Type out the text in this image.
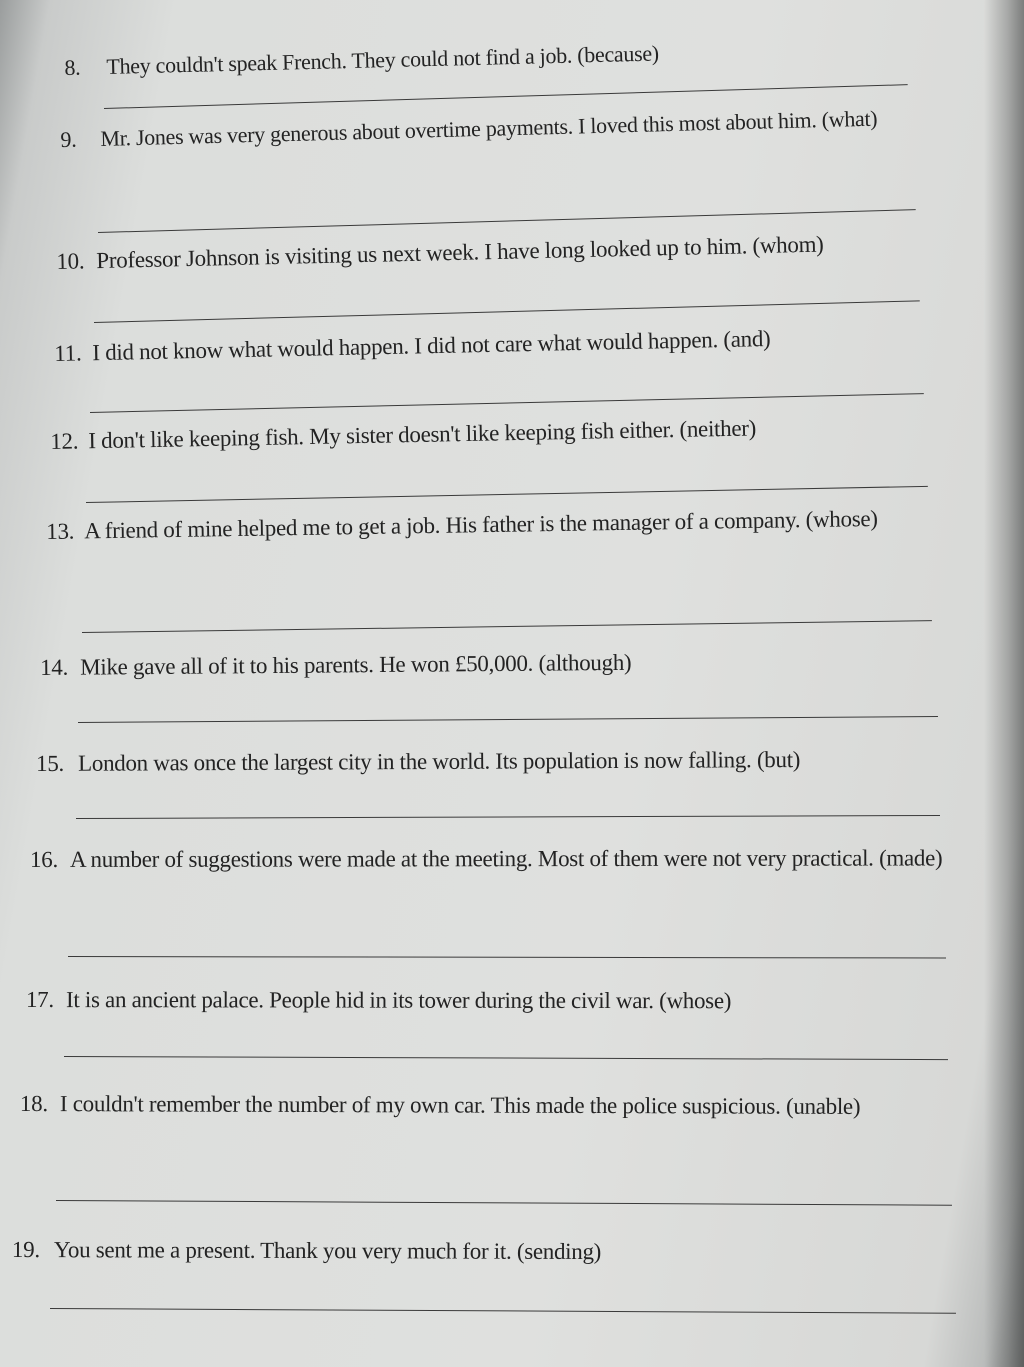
8. They couldn't speak French. They could not find a job. (because)
9. Mr. Jones was very generous about overtime payments. I loved this most about him. (what)
10. Professor Johnson is visiting us next week. I have long looked up to him. (whom)
11. I did not know what would happen. I did not care what would happen. (and)
12. I don't like keeping fish. My sister doesn't like keeping fish either. (neither)
13. A friend of mine helped me to get a job. His father is the manager of a company. (whose)
14. Mike gave all of it to his parents. He won £50,000. (although)
15. London was once the largest city in the world. Its population is now falling. (but)
16. A number of suggestions were made at the meeting. Most of them were not very practical. (made)
17. It is an ancient palace. People hid in its tower during the civil war. (whose)
18. I couldn't remember the number of my own car. This made the police suspicious. (unable)
19. You sent me a present. Thank you very much for it. (sending)
